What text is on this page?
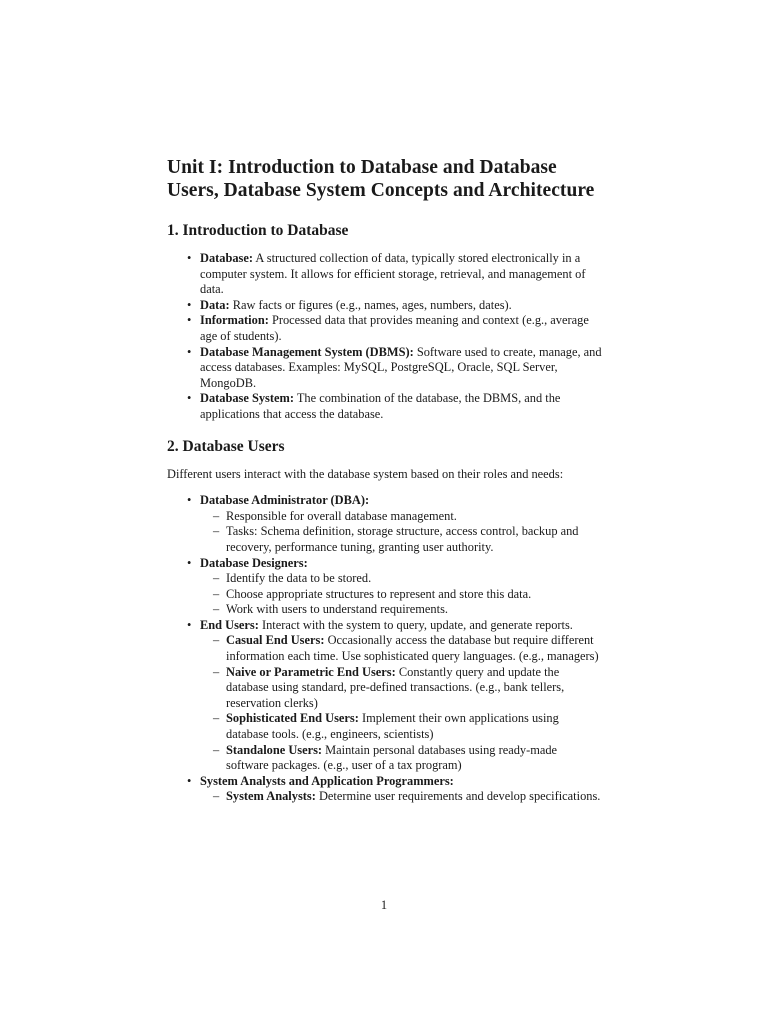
Unit I: Introduction to Database and Database Users, Database System Concepts and Architecture
1. Introduction to Database
• Database: A structured collection of data, typically stored electronically in a computer system. It allows for efficient storage, retrieval, and management of data.
• Data: Raw facts or figures (e.g., names, ages, numbers, dates).
• Information: Processed data that provides meaning and context (e.g., average age of students).
• Database Management System (DBMS): Software used to create, manage, and access databases. Examples: MySQL, PostgreSQL, Oracle, SQL Server, MongoDB.
• Database System: The combination of the database, the DBMS, and the applications that access the database.
2. Database Users

Different users interact with the database system based on their roles and needs:

• Database Administrator (DBA):
– Responsible for overall database management.
– Tasks: Schema definition, storage structure, access control, backup and recovery, performance tuning, granting user authority.
• Database Designers:
– Identify the data to be stored.
– Choose appropriate structures to represent and store this data.
– Work with users to understand requirements.
• End Users: Interact with the system to query, update, and generate reports.
– Casual End Users: Occasionally access the database but require different information each time. Use sophisticated query languages. (e.g., managers)
– Naive or Parametric End Users: Constantly query and update the database using standard, pre-defined transactions. (e.g., bank tellers, reservation clerks)
– Sophisticated End Users: Implement their own applications using database tools. (e.g., engineers, scientists)
– Standalone Users: Maintain personal databases using ready-made software packages. (e.g., user of a tax program)
• System Analysts and Application Programmers:
– System Analysts: Determine user requirements and develop specifications.
1
